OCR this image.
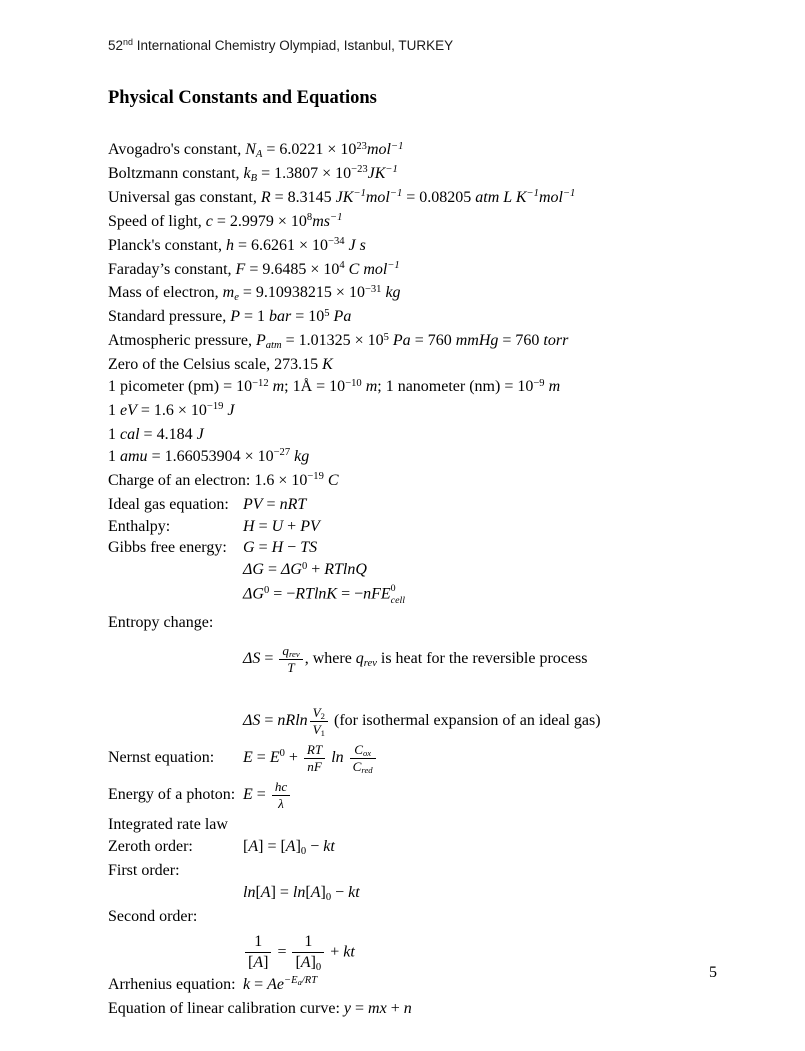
52nd International Chemistry Olympiad, Istanbul, TURKEY
Physical Constants and Equations
Avogadro's constant, NA = $6.0221 \times 10^{23}mol^{-1}$
Boltzmann constant, kB = $1.3807 \times 10^{-23}JK^{-1}$
Universal gas constant, R = 8.3145 $JK^{-1}mol^{-1} = 0.08205$ atm L $K^{-1}mol^{-1}$
Speed of light, $c = 2.9979 \times 10^8ms^{-1}$
Planck's constant, $h = 6.6261 \times 10^{-34}$ J s
Faraday’s constant, $F = 9.6485 \times 10^4$ C mol$^{-1}$
Mass of electron, me = $9.10938215 \times 10^{-31}$ kg
Standard pressure, P = 1 bar = $10^5$ Pa
Atmospheric pressure, Patm = $1.01325 \times 10^5$ Pa = 760 mmHg = 760 torr
Zero of the Celsius scale, 273.15 K
1 picometer $(pm) = 10^{-12}$ m; 1Å = $10^{-10}$ m; 1 nanometer $(nm) = 10^{-9}$ m
1 eV = $1.6 \times 10^{-19}$ J
1 cal = 4.184 J
1 amu = $1.66053904 \times 10^{-27}$ kg
Charge of an electron: $1.6 \times 10^{-19}$ C
Ideal gas equation: PV = nRT
Enthalpy:	H = U + PV
Gibbs free energy:	G = H − TS
$\Delta G = \Delta G^0 + RTlnQ$
$\Delta G^0 = -RTlnK = -nFE$ 0
cell
Entropy change:
$\Delta S = \frac{\text{qrev}}{T}$ , where qrev is heat for the reversible process
ΔS = nRln $\frac{V2}{V1} (for$ isothermal expansion of an ideal gas)
Nernst equation:	$E = E^0 + \frac{RT}{nF}$ $\ln \frac{\text{Cox}}{\text{Cred}}$
Energy of a photon: $E = \frac{hc}{\lambda}$
Integrated rate law
Zeroth order:	[A] = [A]0 − kt
First order:
ln[A] = ln[A]0 − kt
Second order:
$\frac{1}{[A]} = \frac{1}{[A]0}$ + kt
Arrhenius equation: $k = Ae^{-Ea/RT}$
Equation of linear calibration curve: y = mx + n
5
